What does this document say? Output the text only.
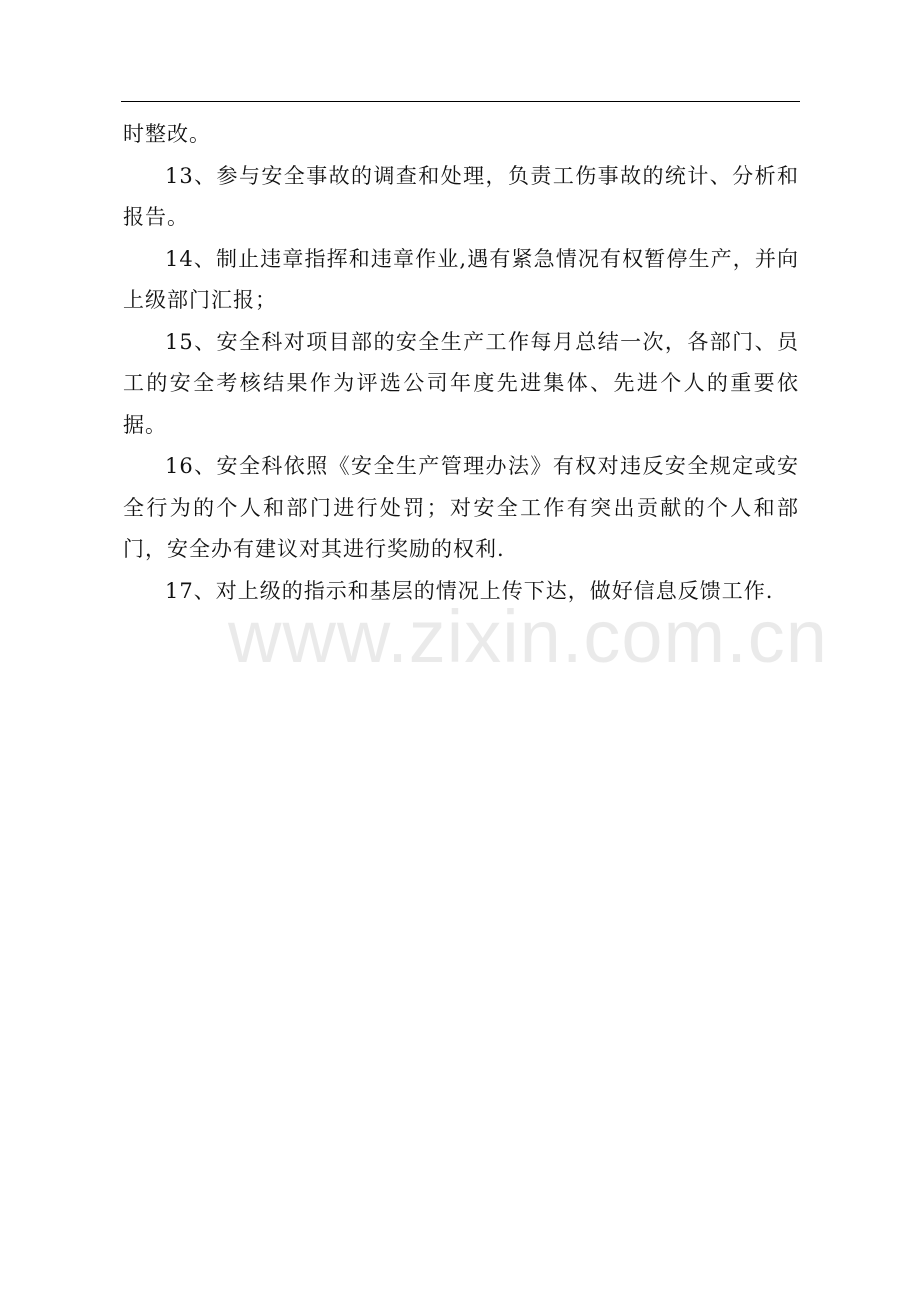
时整改。

13、参与安全事故的调查和处理，负责工伤事故的统计、分析和报告。

14、制止违章指挥和违章作业,遇有紧急情况有权暂停生产，并向上级部门汇报；

15、安全科对项目部的安全生产工作每月总结一次，各部门、员工的安全考核结果作为评选公司年度先进集体、先进个人的重要依据。

16、安全科依照《安全生产管理办法》有权对违反安全规定或安全行为的个人和部门进行处罚；对安全工作有突出贡献的个人和部门，安全办有建议对其进行奖励的权利.

17、对上级的指示和基层的情况上传下达，做好信息反馈工作.

www.zixin.com.cn
